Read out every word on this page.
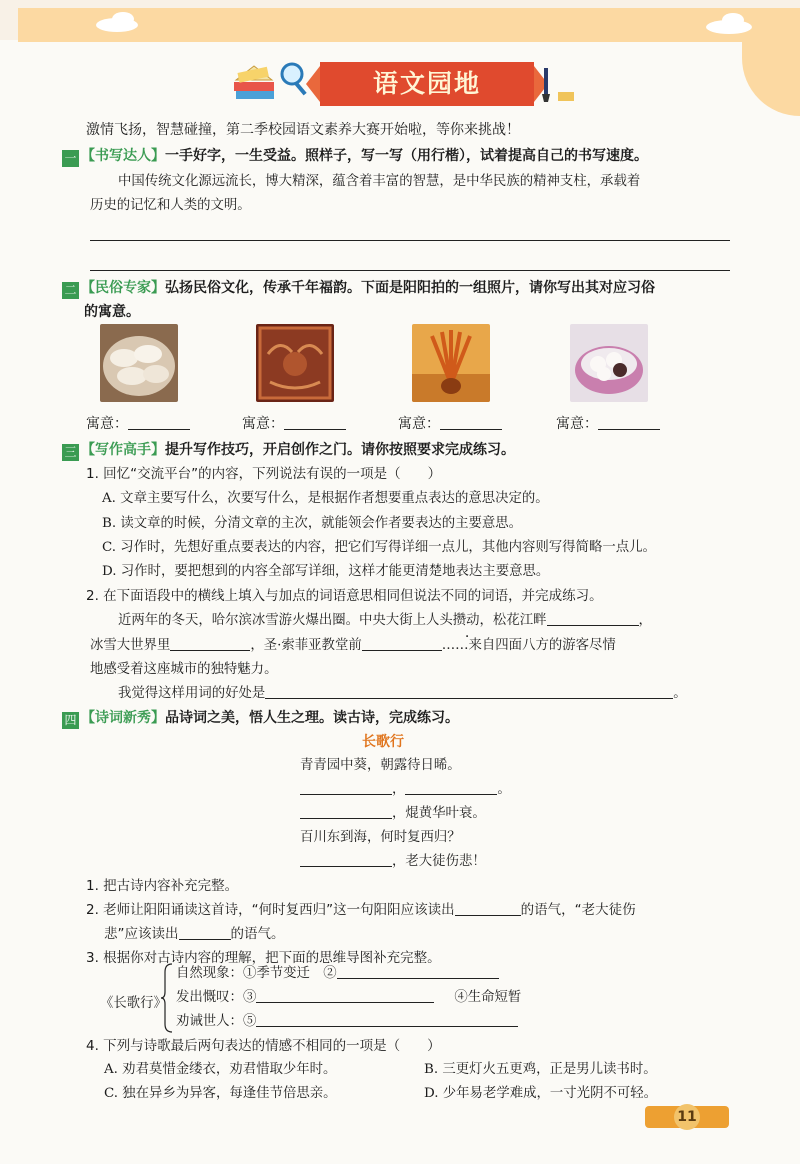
语文园地
激情飞扬，智慧碰撞，第二季校园语文素养大赛开始啦，等你来挑战！
一 【书写达人】一手好字，一生受益。照样子，写一写（用行楷），试着提高自己的书写速度。
中国传统文化源远流长，博大精深，蕴含着丰富的智慧，是中华民族的精神支柱，承载着
历史的记忆和人类的文明。
二 【民俗专家】弘扬民俗文化，传承千年福韵。下面是阳阳拍的一组照片，请你写出其对应习俗
的寓意。
寓意：	寓意：	寓意：	寓意：
三 【写作高手】提升写作技巧，开启创作之门。请你按照要求完成练习。
1. 回忆“交流平台”的内容，下列说法有误的一项是（　　）
A. 文章主要写什么，次要写什么，是根据作者想要重点表达的意思决定的。
B. 读文章的时候，分清文章的主次，就能领会作者要表达的主要意思。
C. 习作时，先想好重点要表达的内容，把它们写得详细一点儿，其他内容则写得简略一点儿。
D. 习作时，要把想到的内容全部写详细，这样才能更清楚地表达主要意思。
2. 在下面语段中的横线上填入与加点的词语意思相同但说法不同的词语，并完成练习。
近两年的冬天，哈尔滨冰雪游火爆出圈。中央大街上人头攒动，松花江畔	，
冰雪大世界里	，圣·索菲亚教堂前	……来自四面八方的游客尽情
地感受着这座城市的独特魅力。
我觉得这样用词的好处是	。
四 【诗词新秀】品诗词之美，悟人生之理。读古诗，完成练习。
长歌行
青青园中葵，朝露待日晞。
，	。
，焜黄华叶衰。
百川东到海，何时复西归？
，老大徒伤悲！
1. 把古诗内容补充完整。
2. 老师让阳阳诵读这首诗，“何时复西归”这一句阳阳应该读出	的语气，“老大徒伤
悲”应该读出	的语气。
3. 根据你对古诗内容的理解，把下面的思维导图补充完整。
《长歌行》
自然现象：①季节变迁　②
发出慨叹：③	④生命短暂
劝诫世人：⑤
4. 下列与诗歌最后两句表达的情感不相同的一项是（　　）
A. 劝君莫惜金缕衣，劝君惜取少年时。	B. 三更灯火五更鸡，正是男儿读书时。
C. 独在异乡为异客，每逢佳节倍思亲。	D. 少年易老学难成，一寸光阴不可轻。
11
